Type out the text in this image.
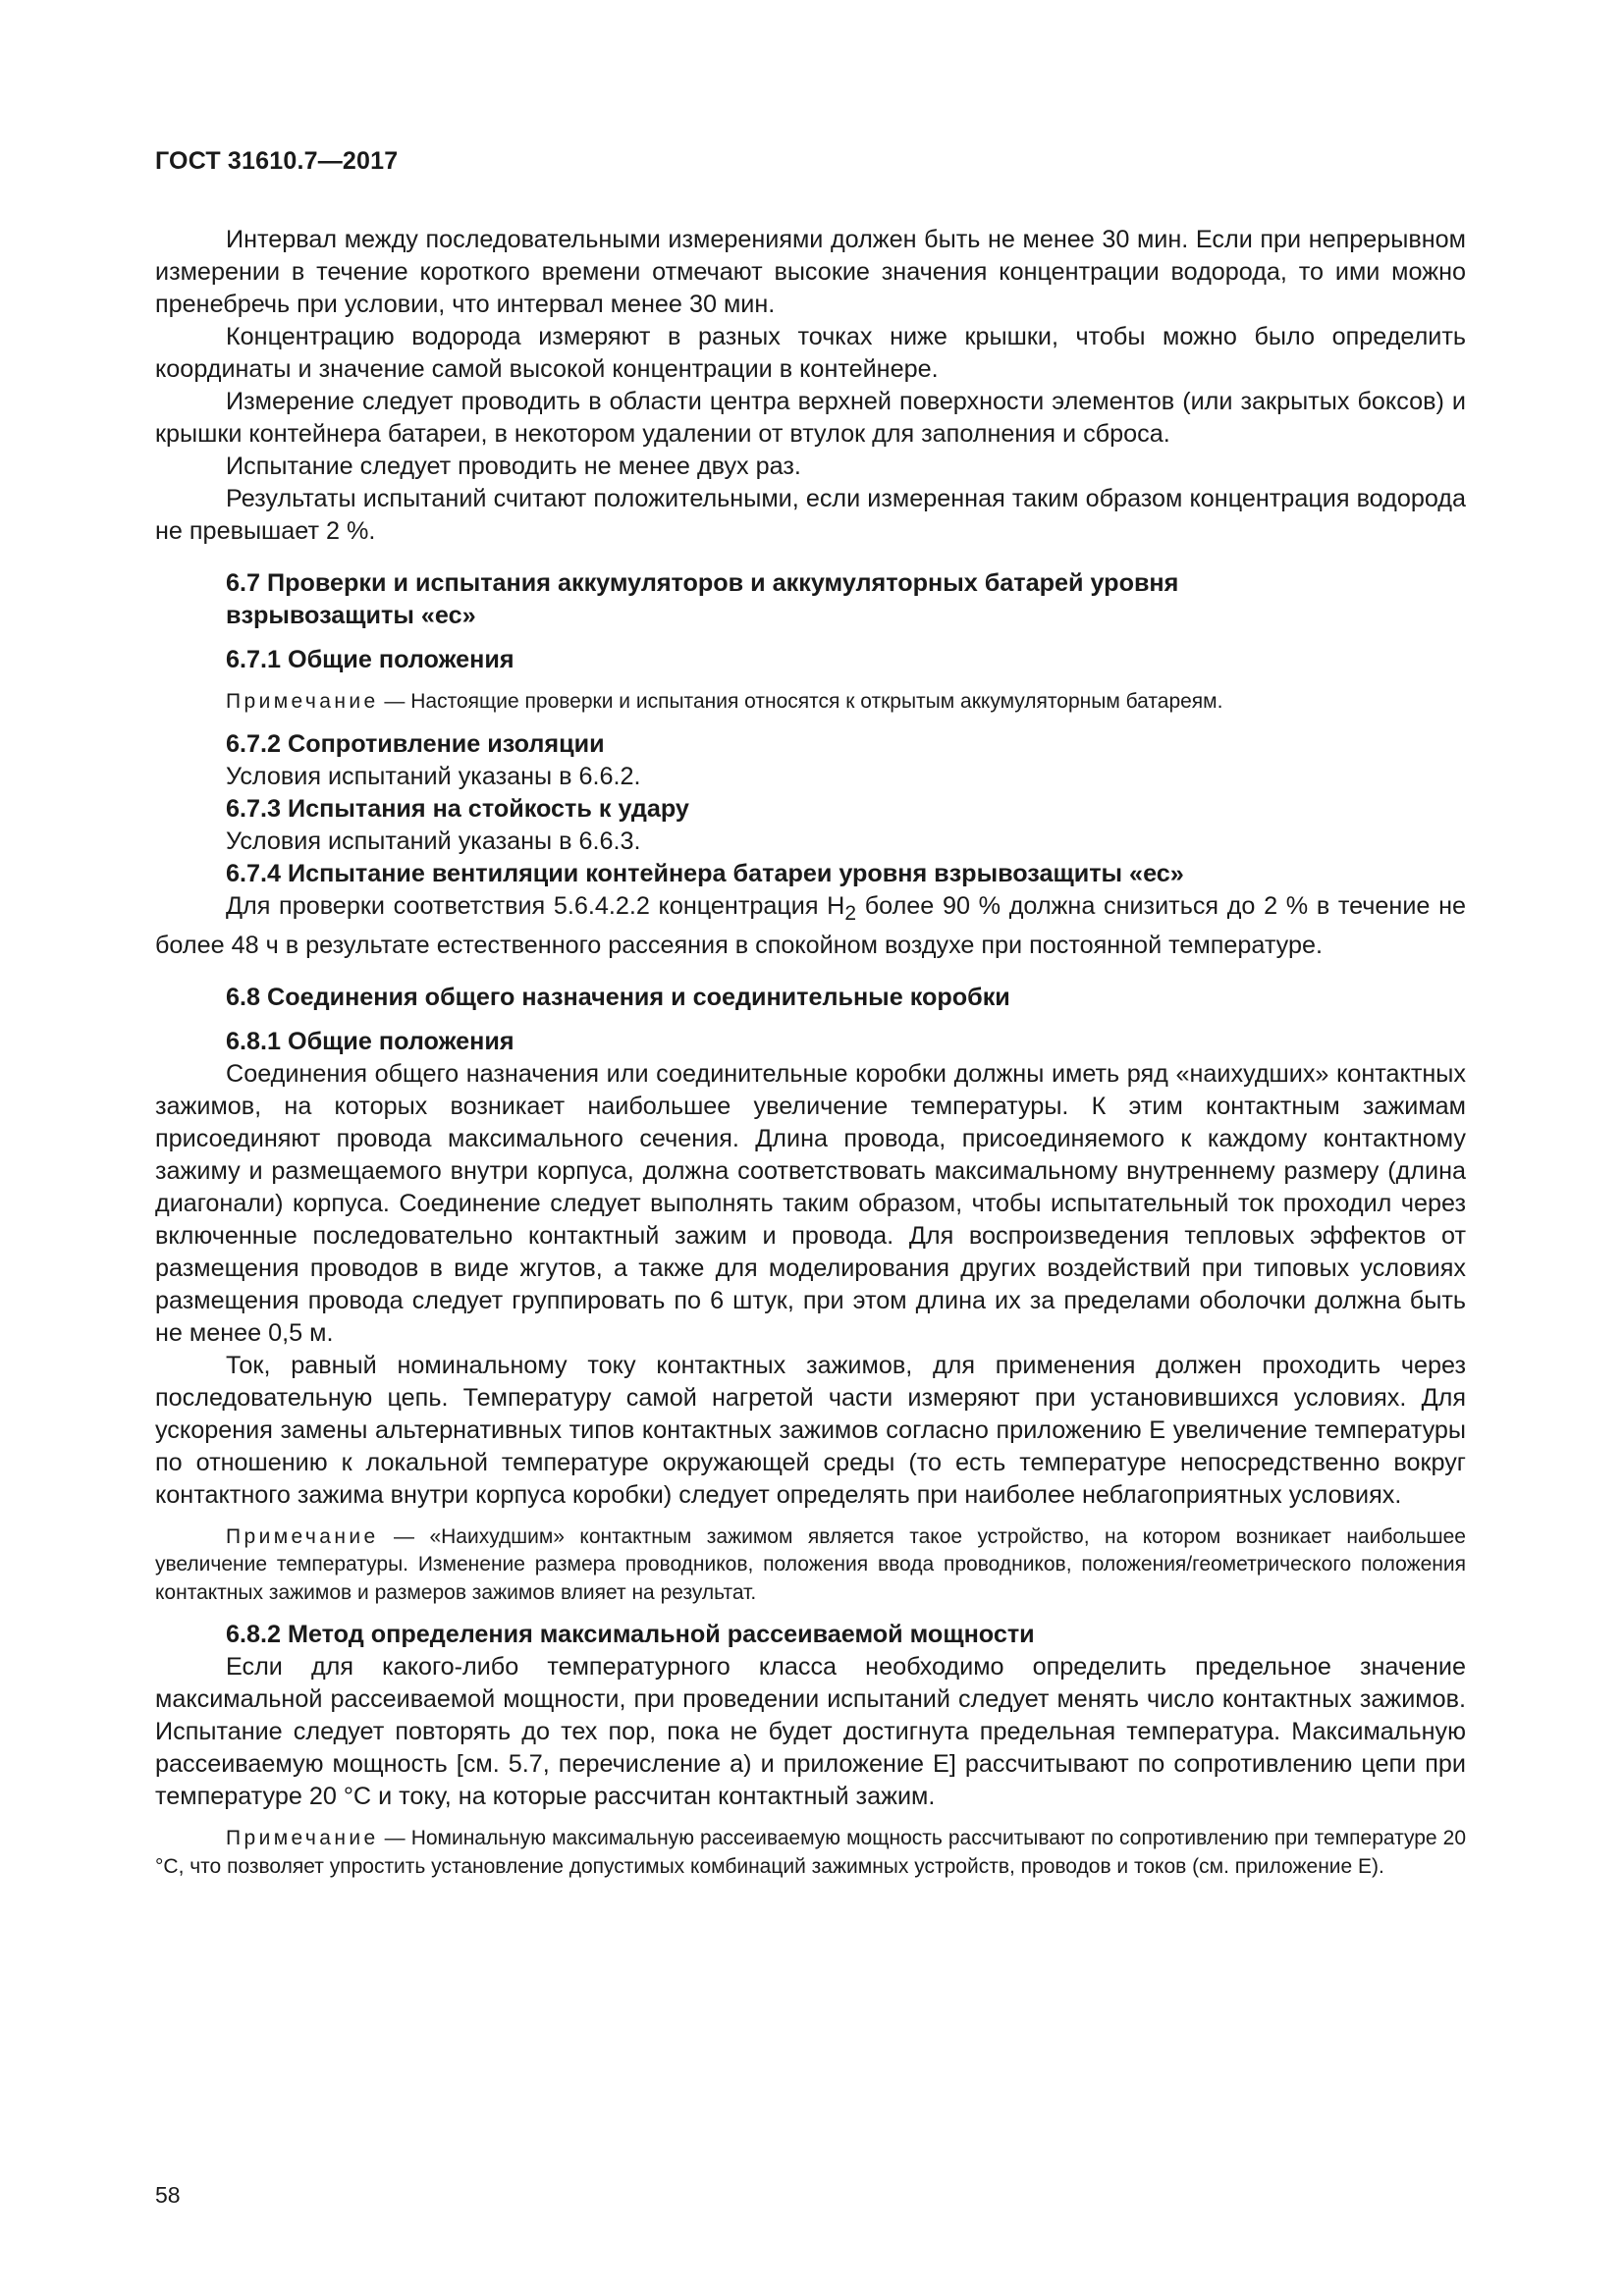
ГОСТ 31610.7—2017

Интервал между последовательными измерениями должен быть не менее 30 мин. Если при непрерывном измерении в течение короткого времени отмечают высокие значения концентрации водорода, то ими можно пренебречь при условии, что интервал менее 30 мин.

Концентрацию водорода измеряют в разных точках ниже крышки, чтобы можно было определить координаты и значение самой высокой концентрации в контейнере.

Измерение следует проводить в области центра верхней поверхности элементов (или закрытых боксов) и крышки контейнера батареи, в некотором удалении от втулок для заполнения и сброса.

Испытание следует проводить не менее двух раз.

Результаты испытаний считают положительными, если измеренная таким образом концентрация водорода не превышает 2 %.

6.7 Проверки и испытания аккумуляторов и аккумуляторных батарей уровня взрывозащиты «ес»

6.7.1 Общие положения

Примечание — Настоящие проверки и испытания относятся к открытым аккумуляторным батареям.

6.7.2 Сопротивление изоляции

Условия испытаний указаны в 6.6.2.

6.7.3 Испытания на стойкость к удару

Условия испытаний указаны в 6.6.3.

6.7.4 Испытание вентиляции контейнера батареи уровня взрывозащиты «ес»

Для проверки соответствия 5.6.4.2.2 концентрация $H_2$ более 90 % должна снизиться до 2 % в течение не более 48 ч в результате естественного рассеяния в спокойном воздухе при постоянной температуре.

6.8 Соединения общего назначения и соединительные коробки

6.8.1 Общие положения

Соединения общего назначения или соединительные коробки должны иметь ряд «наихудших» контактных зажимов, на которых возникает наибольшее увеличение температуры. К этим контактным зажимам присоединяют провода максимального сечения. Длина провода, присоединяемого к каждому контактному зажиму и размещаемого внутри корпуса, должна соответствовать максимальному внутреннему размеру (длина диагонали) корпуса. Соединение следует выполнять таким образом, чтобы испытательный ток проходил через включенные последовательно контактный зажим и провода. Для воспроизведения тепловых эффектов от размещения проводов в виде жгутов, а также для моделирования других воздействий при типовых условиях размещения провода следует группировать по 6 штук, при этом длина их за пределами оболочки должна быть не менее 0,5 м.

Ток, равный номинальному току контактных зажимов, для применения должен проходить через последовательную цепь. Температуру самой нагретой части измеряют при установившихся условиях. Для ускорения замены альтернативных типов контактных зажимов согласно приложению Е увеличение температуры по отношению к локальной температуре окружающей среды (то есть температуре непосредственно вокруг контактного зажима внутри корпуса коробки) следует определять при наиболее неблагоприятных условиях.

Примечание — «Наихудшим» контактным зажимом является такое устройство, на котором возникает наибольшее увеличение температуры. Изменение размера проводников, положения ввода проводников, положения/геометрического положения контактных зажимов и размеров зажимов влияет на результат.

6.8.2 Метод определения максимальной рассеиваемой мощности

Если для какого-либо температурного класса необходимо определить предельное значение максимальной рассеиваемой мощности, при проведении испытаний следует менять число контактных зажимов. Испытание следует повторять до тех пор, пока не будет достигнута предельная температура. Максимальную рассеиваемую мощность [см. 5.7, перечисление а) и приложение Е] рассчитывают по сопротивлению цепи при температуре 20 °С и току, на которые рассчитан контактный зажим.

Примечание — Номинальную максимальную рассеиваемую мощность рассчитывают по сопротивлению при температуре 20 °С, что позволяет упростить установление допустимых комбинаций зажимных устройств, проводов и токов (см. приложение Е).

58
